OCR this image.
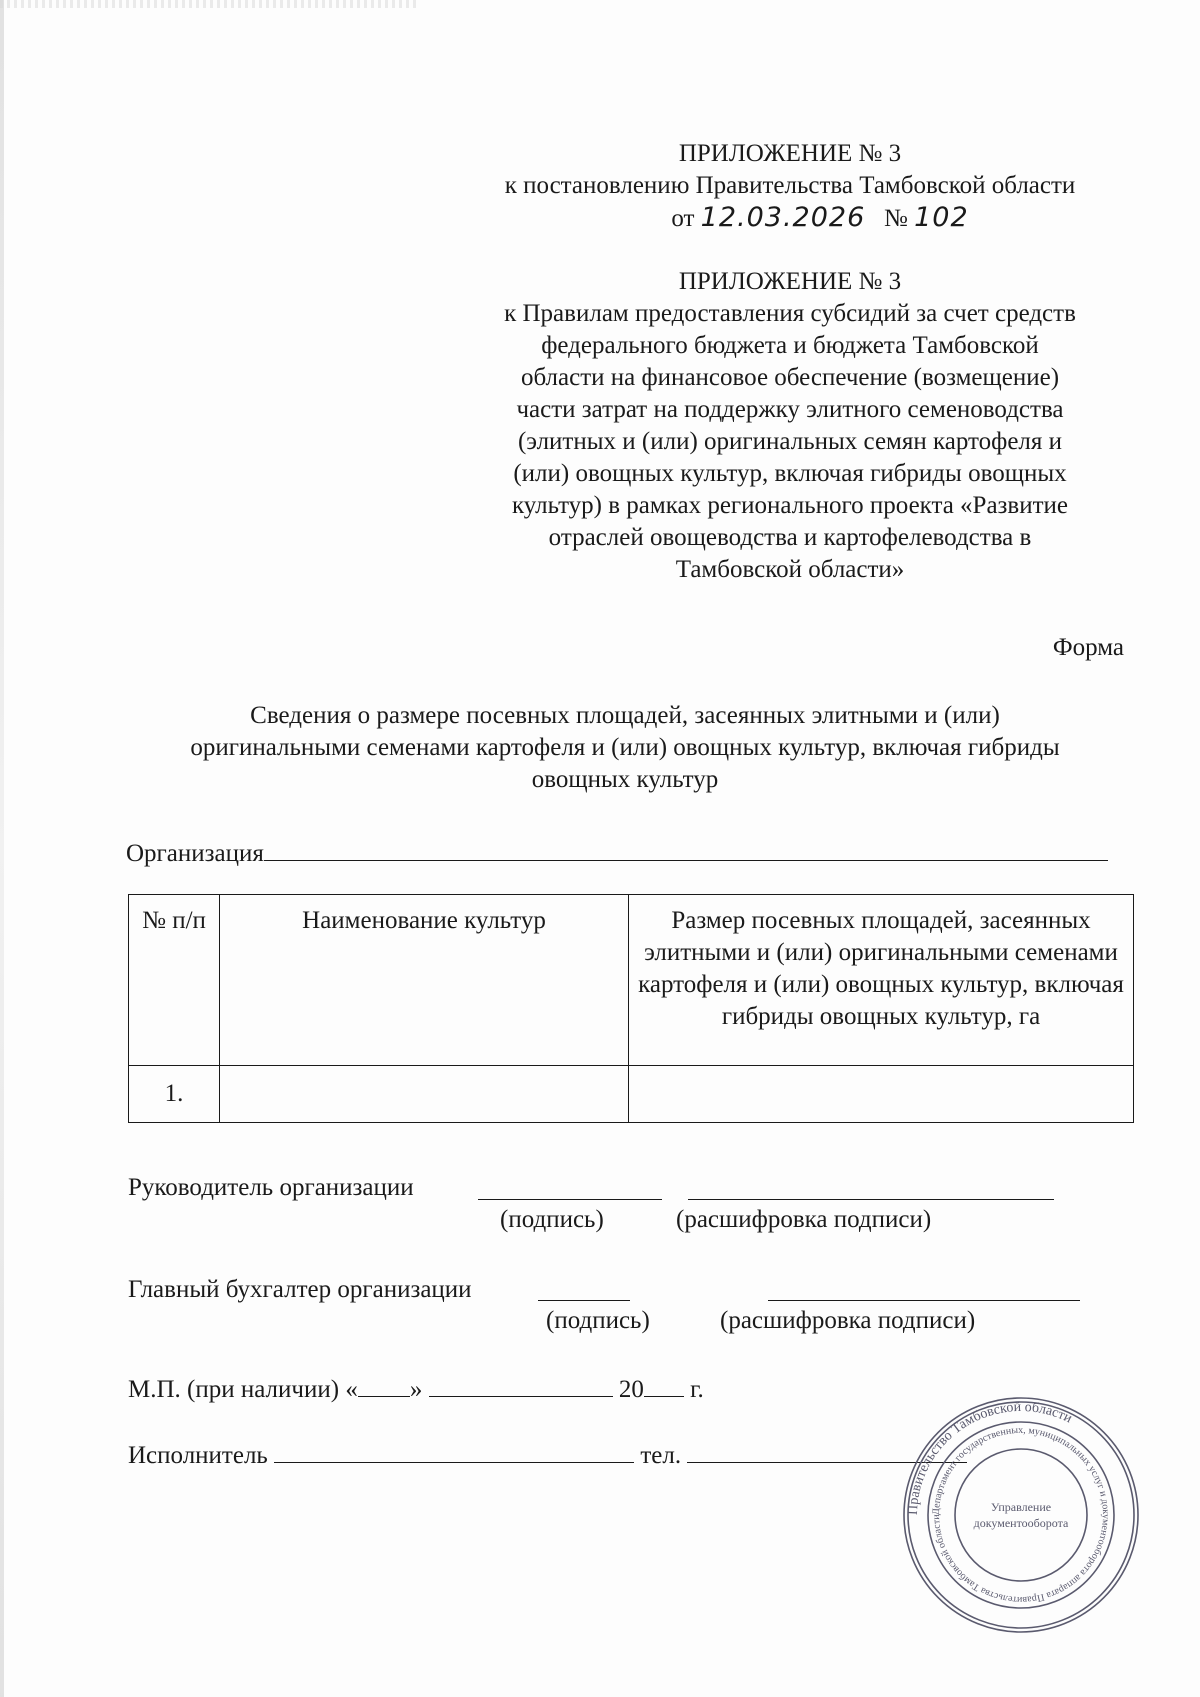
ПРИЛОЖЕНИЕ № 3
к постановлению Правительства Тамбовской области
от 12.03.2026 № 102
ПРИЛОЖЕНИЕ № 3
к Правилам предоставления субсидий за счет средств
федерального бюджета и бюджета Тамбовской
области на финансовое обеспечение (возмещение)
части затрат на поддержку элитного семеноводства
(элитных и (или) оригинальных семян картофеля и
(или) овощных культур, включая гибриды овощных
культур) в рамках регионального проекта «Развитие
отраслей овощеводства и картофелеводства в
Тамбовской области»
Форма
Сведения о размере посевных площадей, засеянных элитными и (или)
оригинальными семенами картофеля и (или) овощных культур, включая гибриды
овощных культур
Организация
№ п/п	Наименование культур	Размер посевных площадей, засеянных элитными и (или) оригинальными семенами картофеля и (или) овощных культур, включая гибриды овощных культур, га
1.		
Руководитель организации
(подпись)	(расшифровка подписи)
Главный бухгалтер организации
(подпись)	(расшифровка подписи)
М.П. (при наличии) « »	20 г.
Исполнитель	тел.
Правительство Тамбовской области
Департамент государственных, муниципальных услуг и документооборота аппарата Правительства Тамбовской области
Управление
документооборота
